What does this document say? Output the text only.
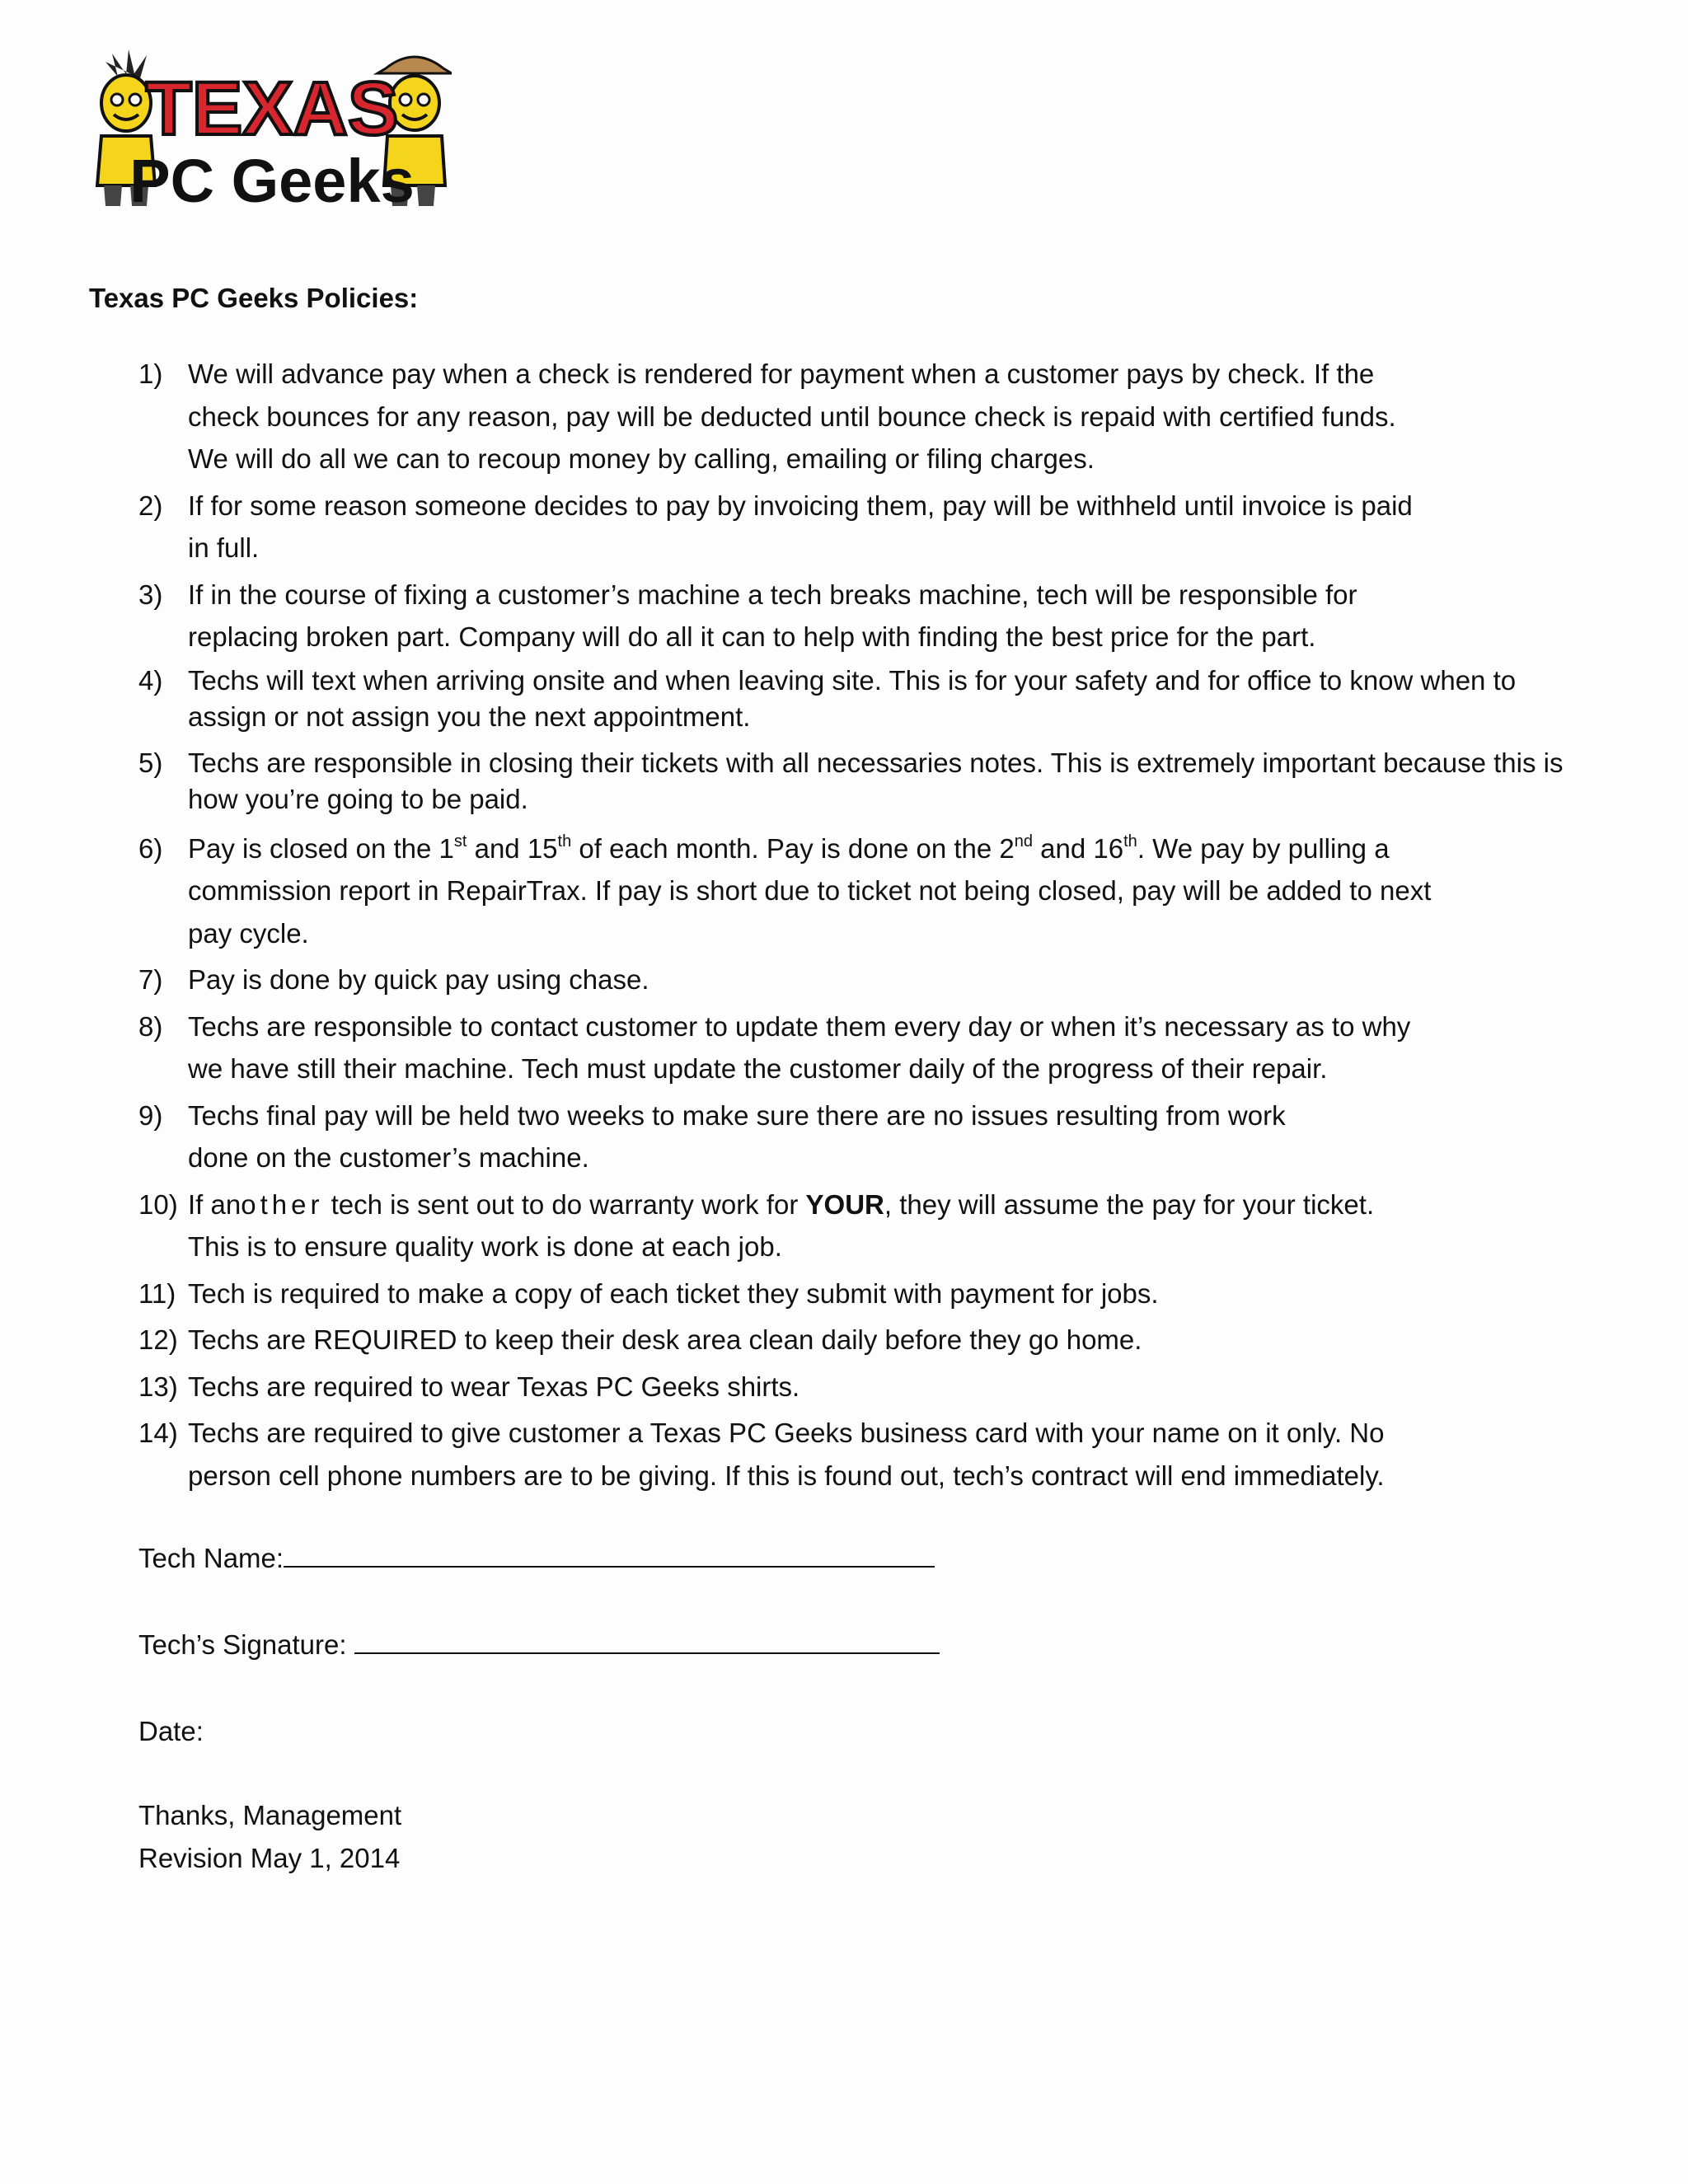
TEXAS
PC Geeks
Texas PC Geeks Policies:
1) We will advance pay when a check is rendered for payment when a customer pays by check. If the
check bounces for any reason, pay will be deducted until bounce check is repaid with certified funds.
We will do all we can to recoup money by calling, emailing or filing charges.
2) If for some reason someone decides to pay by invoicing them, pay will be withheld until invoice is paid
in full.
3) If in the course of fixing a customer’s machine a tech breaks machine, tech will be responsible for
replacing broken part. Company will do all it can to help with finding the best price for the part.
4) Techs will text when arriving onsite and when leaving site. This is for your safety and for office to know when to
assign or not assign you the next appointment.
5) Techs are responsible in closing their tickets with all necessaries notes. This is extremely important because this is
how you’re going to be paid.
6) Pay is closed on the 1st and 15th of each month. Pay is done on the 2nd and 16th. We pay by pulling a
commission report in RepairTrax. If pay is short due to ticket not being closed, pay will be added to next
pay cycle.
7) Pay is done by quick pay using chase.
8) Techs are responsible to contact customer to update them every day or when it’s necessary as to why
we have still their machine. Tech must update the customer daily of the progress of their repair.
9) Techs final pay will be held two weeks to make sure there are no issues resulting from work
done on the customer’s machine.
10) If another tech is sent out to do warranty work for YOUR, they will assume the pay for your ticket.
This is to ensure quality work is done at each job.
11) Tech is required to make a copy of each ticket they submit with payment for jobs.
12) Techs are REQUIRED to keep their desk area clean daily before they go home.
13) Techs are required to wear Texas PC Geeks shirts.
14) Techs are required to give customer a Texas PC Geeks business card with your name on it only. No
person cell phone numbers are to be giving. If this is found out, tech’s contract will end immediately.
Tech Name:
Tech’s Signature:
Date:
Thanks, Management
Revision May 1, 2014
